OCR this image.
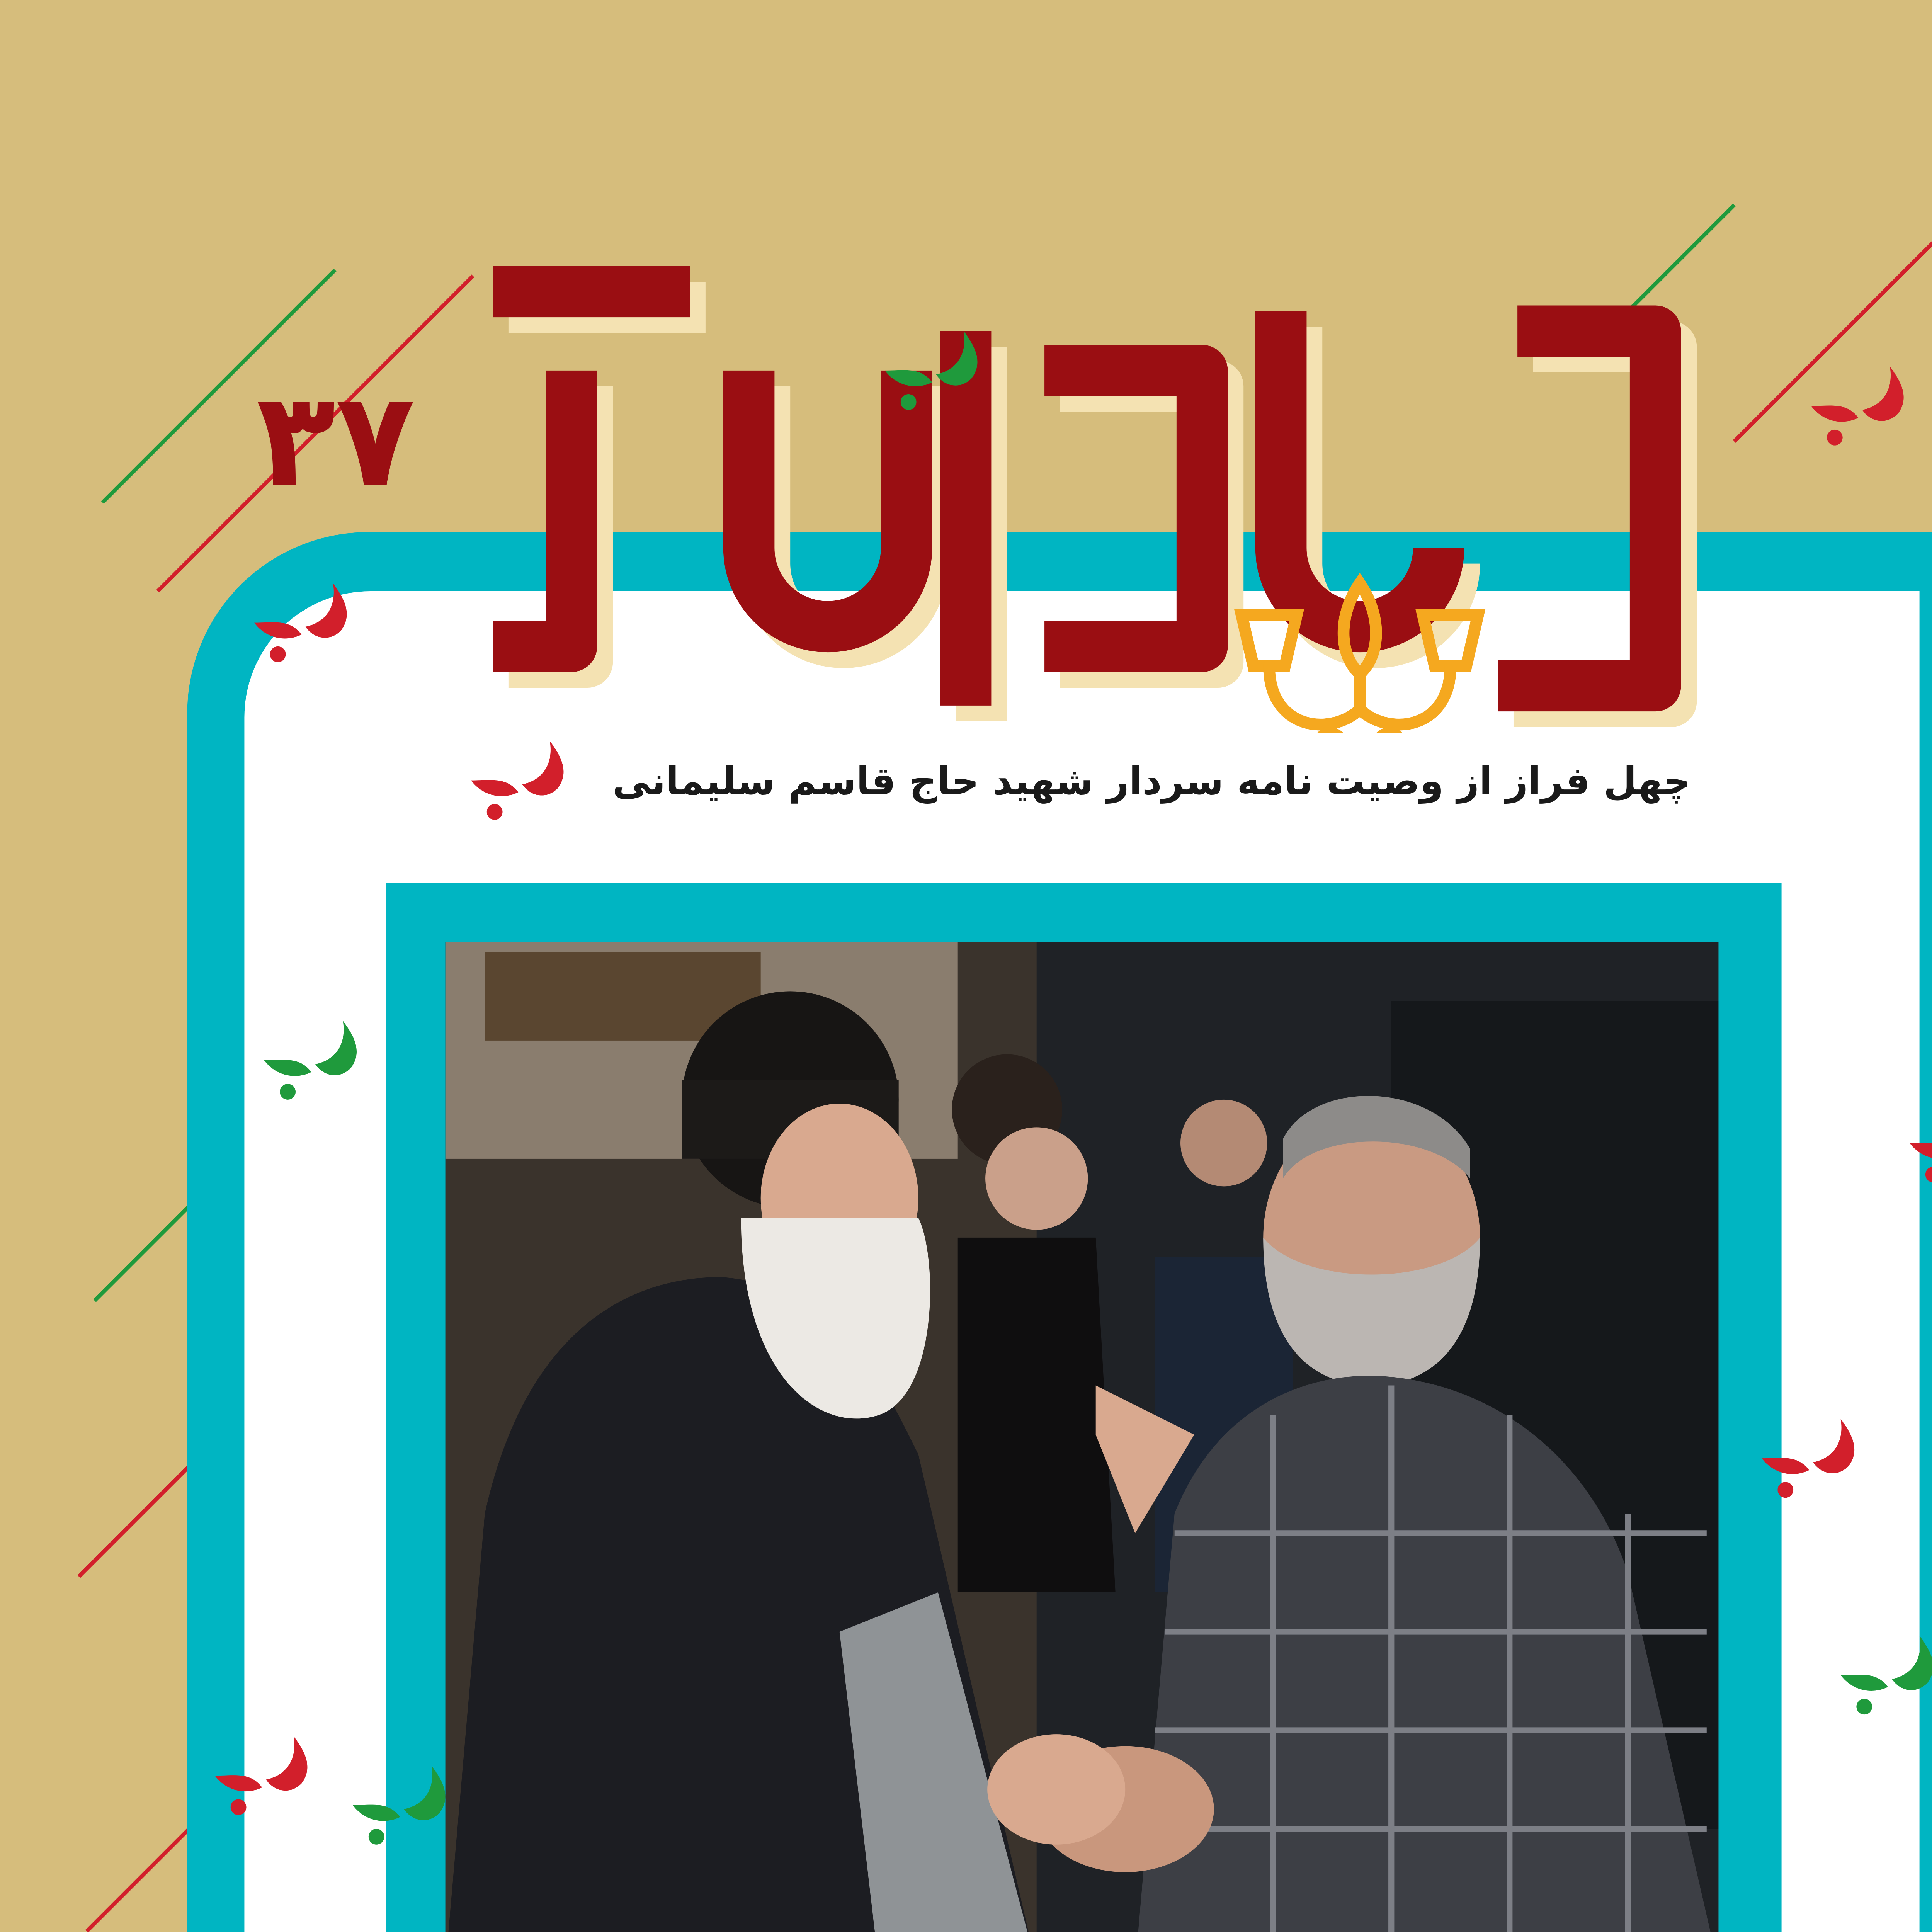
۳۷
چهل فراز از وصیت نامه سردار شهید حاج قاسم سلیمانی
